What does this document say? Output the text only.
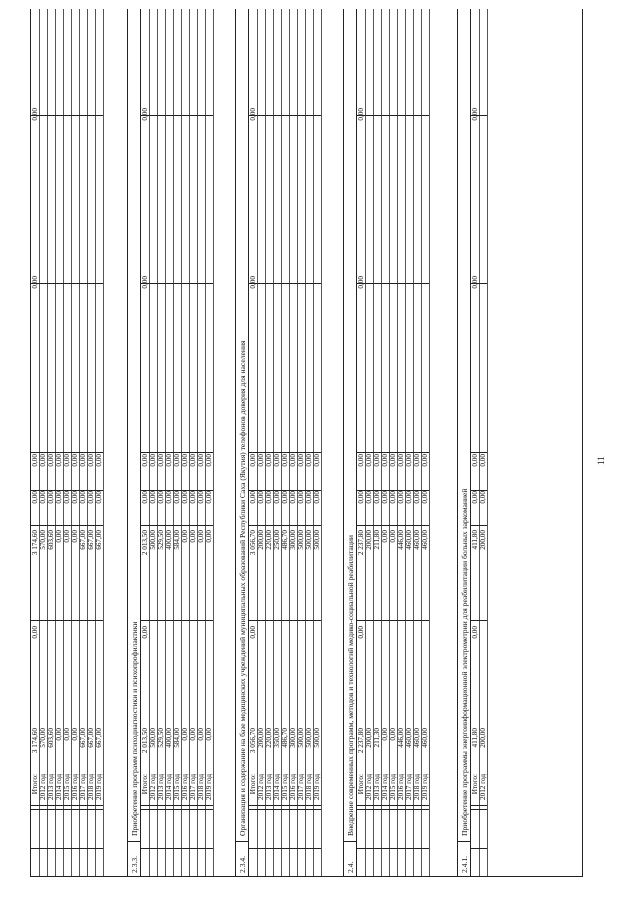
11
Итого:
3 174,60
0,00
3 174,60
0,00
0,00
0,00
0,00
2012 год
570,00
570,00
0,00
0,00
2013 год
603,60
603,60
0,00
0,00
2014 год
0,00
0,00
0,00
0,00
2015 год
0,00
0,00
0,00
0,00
2016 год
0,00
0,00
0,00
0,00
2017 год
667,00
667,00
0,00
0,00
2018 год
667,00
667,00
0,00
0,00
2019 год
667,00
667,00
0,00
0,00
2.3.3.
Приобретение программ психодиагностики и психопрофилактики Итого:
2 013,50
0,00
2 013,50
0,00
0,00
0,00
0,00
2012 год
500,00
500,00
0,00
0,00
2013 год
529,50
529,50
0,00
0,00
2014 год
400,00
400,00
0,00
0,00
2015 год
584,00
584,00
0,00
0,00
2016 год
0,00
0,00
0,00
0,00
2017 год
0,00
0,00
0,00
0,00
2018 год
0,00
0,00
0,00
0,00
2019 год
0,00
0,00
0,00
0,00
2.3.4.
Организация и содержание на базе медицинских учреждений муниципальных образований Республики Саха (Якутия) телефонов доверия для населения Итого:
3 056,70
0,00
3 056,70
0,00
0,00
0,00
0,00
2012 год
200,00
200,00
0,00
0,00
2013 год
220,00
220,00
0,00
0,00
2014 год
350,00
250,00
0,00
0,00
2015 год
486,70
486,70
0,00
0,00
2016 год
300,00
300,00
0,00
0,00
2017 год
500,00
500,00
0,00
0,00
2018 год
500,00
500,00
0,00
0,00
2019 год
500,00
500,00
0,00
0,00
2.4.
Внедрение современных программ, методов и технологий медико-социальной реабилитации Итого:
2 237,80
0,00
2 237,80
0,00
0,00
0,00
0,00
2012 год
200,00
200,00
0,00
0,00
2013 год
211,30
211,80
0,00
0,00
2014 год
0,00
0,00
0,00
0,00
2015 год
0,00
0,00
0,00
0,00
2016 год
446,00
446,00
0,00
0,00
2017 год
460,00
460,00
0,00
0,00
2018 год
460,00
460,00
0,00
0,00
2019 год
460,00
460,00
0,00
0,00
2.4.1.
Приобретение программы энергоинформационной электрометрии для реабилитации больных заркоманией Итого:
411,80
0,00
411,80
0,00
0,00
0,00
0,00
2012 год
200,00
200,00
0,00
0,00
